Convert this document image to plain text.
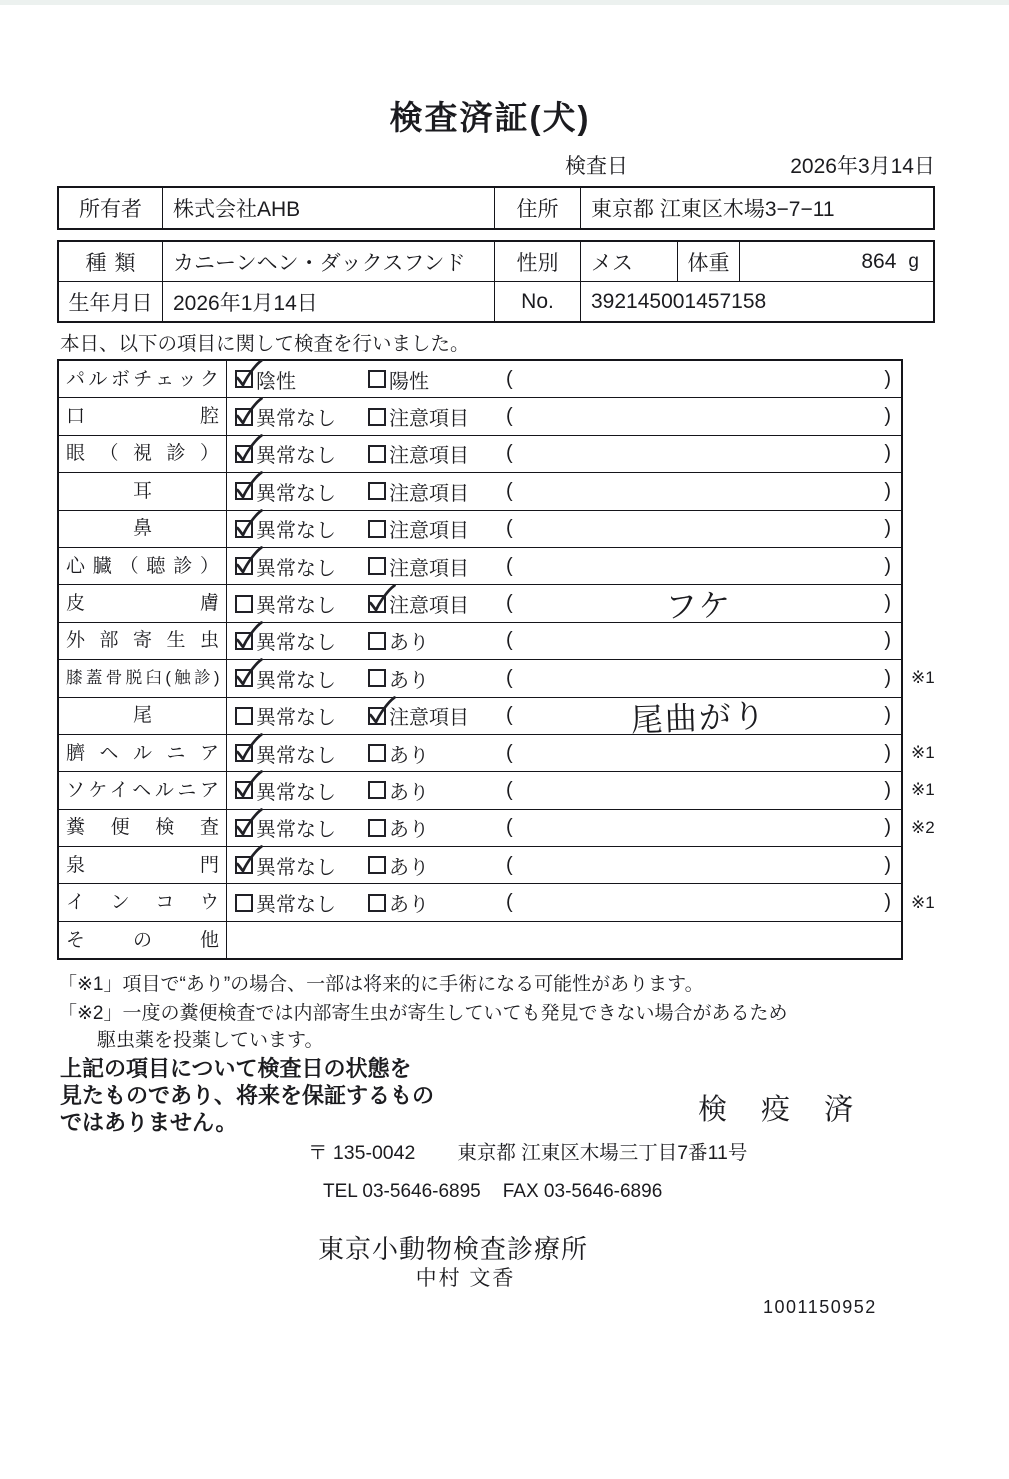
検査済証(犬)
検査日	2026年3月14日
所有者	株式会社AHB	住所	東京都 江東区木場3−7−11
種類	カニーンヘン・ダックスフンド	性別	メス	体重	864 g
生年月日 2026年1月14日	No.	392145001457158
本日、以下の項目に関して検査を行いました。
パルボチェック 陰性	陽性	(	)
口腔 異常なし	注意項目 (	)
眼（視診） 異常なし	注意項目 (	)
耳	異常なし	注意項目 (	)
鼻	異常なし	注意項目 (	)
心臓（聴診） 異常なし	注意項目 (	)
皮膚 異常なし	注意項目 (	フケ	)
外部寄生虫 異常なし	あり	(	)
膝蓋骨脱臼(触診) 異常なし	あり	(	) ※1
尾	異常なし	注意項目 (	尾曲がり	)
臍ヘルニア 異常なし	あり	(	) ※1
ソケイヘルニア 異常なし	あり	(	) ※1
糞便検査 異常なし	あり	(	) ※2
泉門 異常なし	あり	(	)
インコウ 異常なし	あり	(	) ※1
その他
「※1」項目で“あり”の場合、一部は将来的に手術になる可能性があります。
「※2」一度の糞便検査では内部寄生虫が寄生していても発見できない場合があるため
駆虫薬を投薬しています。
上記の項目について検査日の状態を
見たものであり、将来を保証するもの
ではありません。	検 疫 済
〒 135-0042 東京都 江東区木場三丁目7番11号
TEL 03-5646-6895 FAX 03-5646-6896
東京小動物検査診療所
中村 文香
1001150952
